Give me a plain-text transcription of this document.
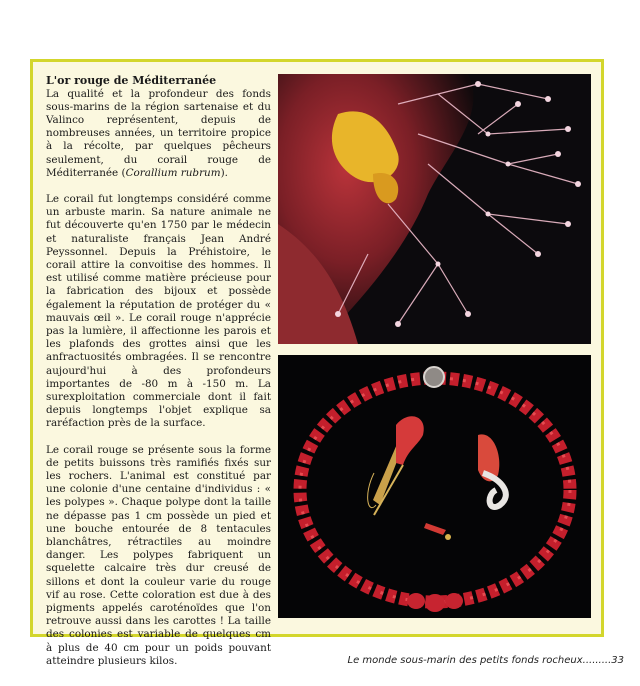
L'or rouge de Méditerranée

La qualité et la profondeur des fonds sous-marins de la région sartenaise et du Valinco représentent, depuis de nombreuses années, un territoire propice à la récolte, par quelques pêcheurs seulement, du corail rouge de Méditerranée (Corallium rubrum).

Le corail fut longtemps considéré comme un arbuste marin. Sa nature animale ne fut découverte qu'en 1750 par le médecin et naturaliste français Jean André Peyssonnel. Depuis la Préhistoire, le corail attire la convoitise des hommes. Il est utilisé comme matière précieuse pour la fabrication des bijoux et possède également la réputation de protéger du « mauvais œil ». Le corail rouge n'apprécie pas la lumière, il affectionne les parois et les plafonds des grottes ainsi que les anfractuosités ombragées. Il se rencontre aujourd'hui à des profondeurs importantes de -80 m à -150 m. La surexploitation commerciale dont il fait depuis longtemps l'objet explique sa raréfaction près de la surface.

Le corail rouge se présente sous la forme de petits buissons très ramifiés fixés sur les rochers. L'animal est constitué par une colonie d'une centaine d'individus : « les polypes ». Chaque polype dont la taille ne dépasse pas 1 cm possède un pied et une bouche entourée de 8 tentacules blanchâtres, rétractiles au moindre danger. Les polypes fabriquent un squelette calcaire très dur creusé de sillons et dont la couleur varie du rouge vif au rose. Cette coloration est due à des pigments appelés caroténoïdes que l'on retrouve aussi dans les carottes ! La taille des colonies est variable de quelques cm à plus de 40 cm pour un poids pouvant atteindre plusieurs kilos.	Le monde sous-marin des petits fonds rocheux.........33
